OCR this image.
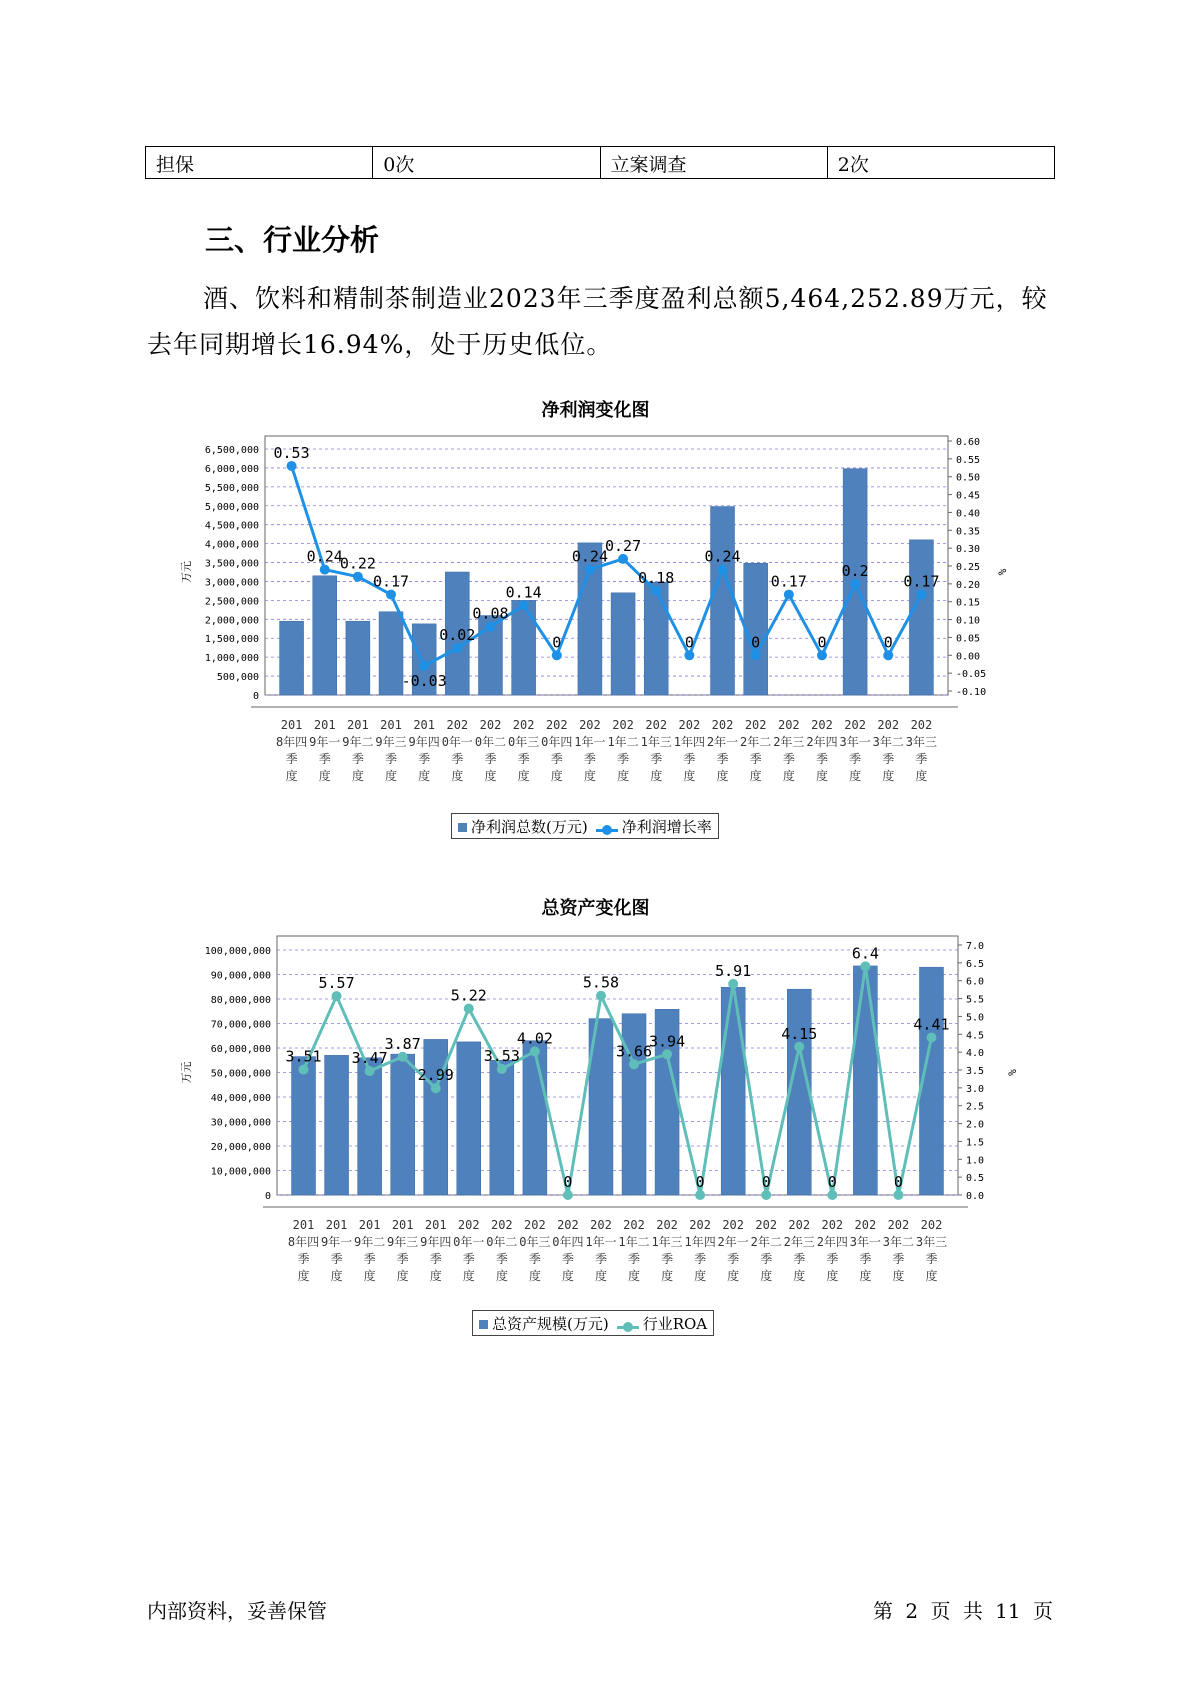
担保	0次	立案调查	2次
三、行业分析

酒、饮料和精制茶制造业2023年三季度盈利总额5,464,252.89万元，较去年同期增长16.94%，处于历史低位。

净利润变化图
6,500,000
6,000,000
5,500,000
5,000,000
4,500,000
4,000,000
3,500,000
3,000,000
2,500,000
2,000,000
1,500,000
1,000,000
500,000
0
0.60
0.55
0.50
0.45
0.40
0.35
0.30
0.25
0.20
0.15
0.10
0.05
0.00
-0.05
-0.10
万元	%
0.53
0.24
0.22
0.17
-0.03
0.02
0.08
0.14
0
0.24
0.27
0.18
0
0.24
0
0.17
0
0.2
0
0.17
201
8年四
季
度
201
9年一
季
度
201
9年二
季
度
201
9年三
季
度
201
9年四
季
度
202
0年一
季
度
202
0年二
季
度
202
0年三
季
度
202
0年四
季
度
202
1年一
季
度
202
1年二
季
度
202
1年三
季
度
202
1年四
季
度
202
2年一
季
度
202
2年二
季
度
202
2年三
季
度
202
2年四
季
度
202
3年一
季
度
202
3年二
季
度
202
3年三
季
度
净利润总数(万元)	净利润增长率
总资产变化图
100,000,000
90,000,000
80,000,000
70,000,000
60,000,000
50,000,000
40,000,000
30,000,000
20,000,000
10,000,000
0
7.0
6.5
6.0
5.5
5.0
4.5
4.0
3.5
3.0
2.5
2.0
1.5
1.0
0.5
0.0
万元	%
3.51
5.57
3.47
3.87
2.99
5.22
3.53
4.02
0
5.58
3.66
3.94
0
5.91
0
4.15
0
6.4
0
4.41
201
8年四
季
度
201
9年一
季
度
201
9年二
季
度
201
9年三
季
度
201
9年四
季
度
202
0年一
季
度
202
0年二
季
度
202
0年三
季
度
202
0年四
季
度
202
1年一
季
度
202
1年二
季
度
202
1年三
季
度
202
1年四
季
度
202
2年一
季
度
202
2年二
季
度
202
2年三
季
度
202
2年四
季
度
202
3年一
季
度
202
3年二
季
度
202
3年三
季
度
总资产规模(万元)	行业ROA
内部资料，妥善保管	第 2 页 共 11 页
